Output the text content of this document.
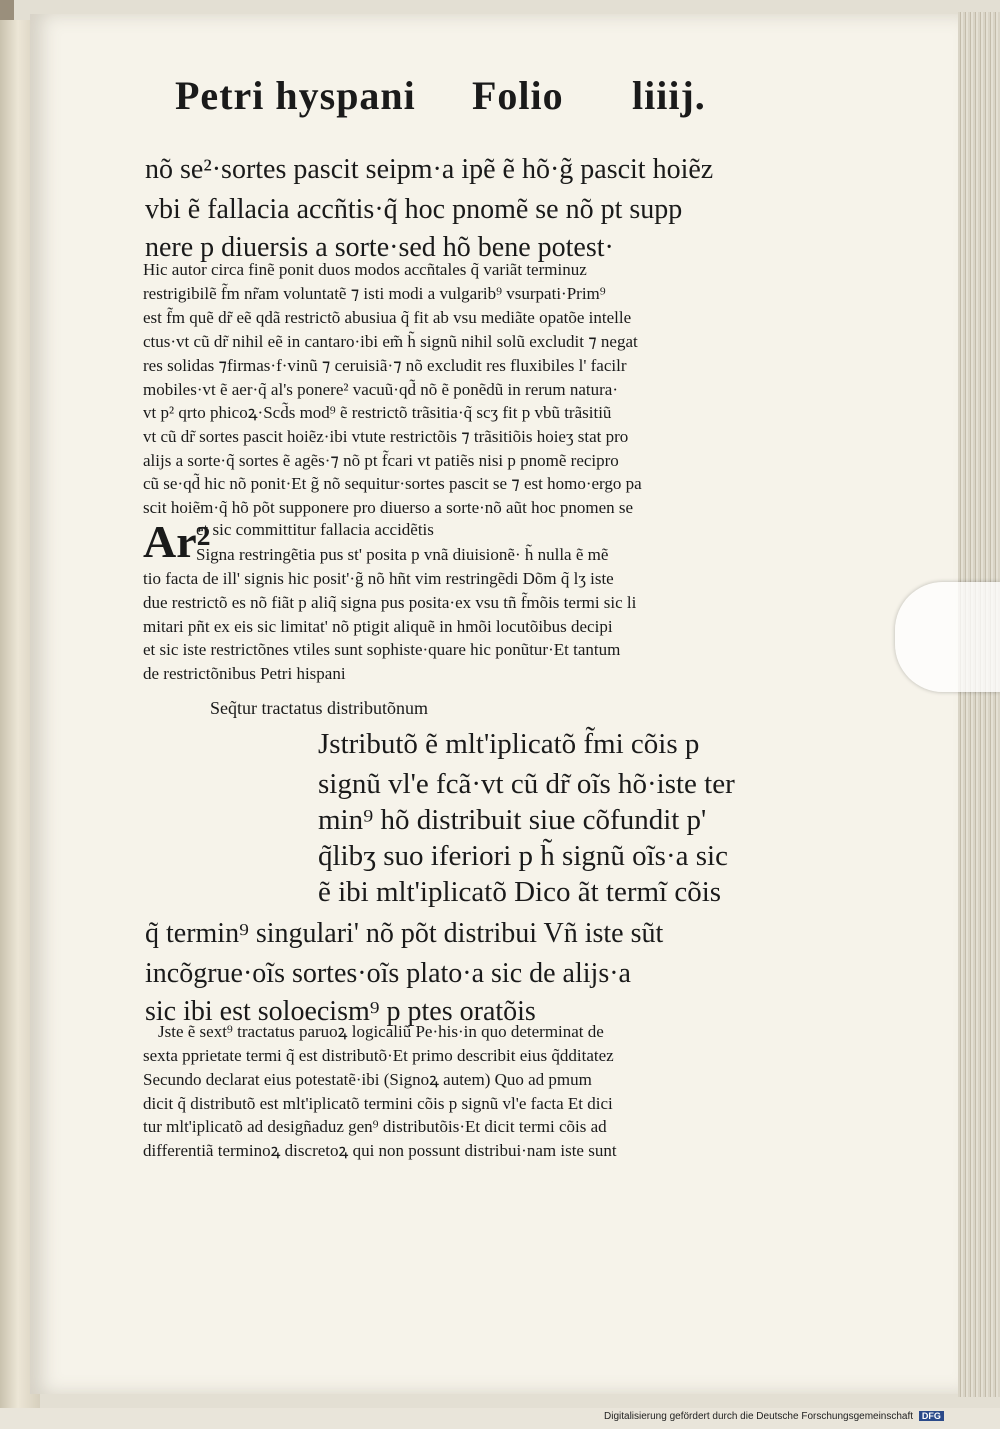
Petri hyspani Folio liiij.
nõ se²·sortes pascit seipm·a ipẽ ẽ hõ·g̃ pascit hoiẽz
vbi ẽ fallacia accñtis·q̃ hoc pnomẽ se nõ pt supp
nere p diuersis a sorte·sed hõ bene potest·
Hic autor circa finẽ ponit duos modos accñtales q̃ variãt terminuz
restrigibilẽ f̃m nr̃am voluntatẽ ⁊ isti modi a vulgarib⁹ vsurpati·Prim⁹
est f̃m quẽ dr̃ eẽ qdã restrictõ abusiua q̃ fit ab vsu mediãte opatõe intelle
ctus·vt cũ dr̃ nihil eẽ in cantaro·ibi em̃ h̃ signũ nihil solũ excludit ⁊ negat
res solidas ⁊firmas·f·vinũ ⁊ ceruisiã·⁊ nõ excludit res fluxibiles l' facilr
mobiles·vt ẽ aer·q̃ al's ponere² vacuũ·qd̃ nõ ẽ ponẽdũ in rerum natura·
vt p² qrto phicoꝝ·Scd̃s mod⁹ ẽ restrictõ trãsitia·q̃ scʒ fit p vbũ trãsitiũ
vt cũ dr̃ sortes pascit hoiẽz·ibi vtute restrictõis ⁊ trãsitiõis hoieʒ stat pro
alijs a sorte·q̃ sortes ẽ agẽs·⁊ nõ pt f̃cari vt patiẽs nisi p pnomẽ recipro
cũ se·qd̃ hic nõ ponit·Et g̃ nõ sequitur·sortes pascit se ⁊ est homo·ergo pa
scit hoiẽm·q̃ hõ põt supponere pro diuerso a sorte·nõ aũt hoc pnomen se
et sic committitur fallacia accidẽtis
Ar²
Signa restringẽtia pus st' posita p vnã diuisionẽ· h̃ nulla ẽ mẽ
tio facta de ill' signis hic posit'·g̃ nõ hñt vim restringẽdi Dõm q̃ lʒ iste
due restrictõ es nõ fiãt p aliq̃ signa pus posita·ex vsu tñ f̃mõis termi sic li
mitari pñt ex eis sic limitat' nõ ptigit aliquẽ in hmõi locutõibus decipi
et sic iste restrictõnes vtiles sunt sophiste·quare hic ponũtur·Et tantum
de restrictõnibus Petri hispani
Seq̃tur tractatus distributõnum
Jstributõ ẽ mlt'iplicatõ f̃mi cõis p
signũ vl'e fcã·vt cũ dr̃ oĩs hõ·iste ter
min⁹ hõ distribuit siue cõfundit p'
q̃libʒ suo iferiori p h̃ signũ oĩs·a sic
ẽ ibi mlt'iplicatõ Dico ãt termĩ cõis
q̃ termin⁹ singulari' nõ põt distribui Vñ iste sũt
incõgrue·oĩs sortes·oĩs plato·a sic de alijs·a
sic ibi est soloecism⁹ p ptes oratõis
Jste ẽ sext⁹ tractatus paruoꝝ logicaliũ Pe·his·in quo determinat de
sexta pprietate termi q̃ est distributõ·Et primo describit eius q̃dditatez
Secundo declarat eius potestatẽ·ibi (Signoꝝ autem) Quo ad pmum
dicit q̃ distributõ est mlt'iplicatõ termini cõis p signũ vl'e facta Et dici
tur mlt'iplicatõ ad desigñaduz gen⁹ distributõis·Et dicit termi cõis ad
differentiã terminoꝝ discretoꝝ qui non possunt distribui·nam iste sunt
Digitalisierung gefördert durch die Deutsche Forschungsgemeinschaft DFG
